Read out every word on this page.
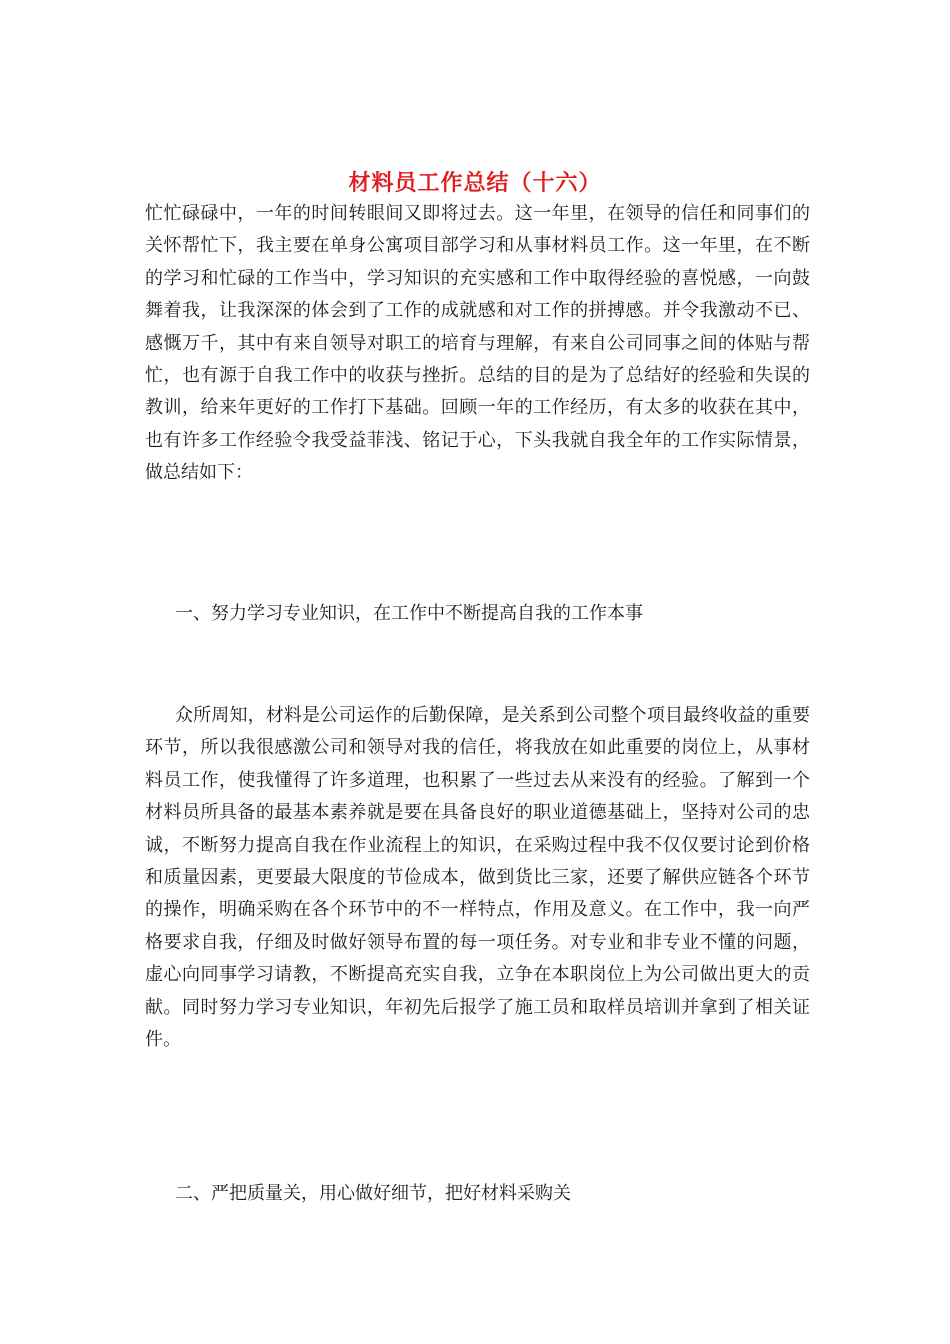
材料员工作总结（十六）

忙忙碌碌中，一年的时间转眼间又即将过去。这一年里，在领导的信任和同事们的关怀帮忙下，我主要在单身公寓项目部学习和从事材料员工作。这一年里，在不断的学习和忙碌的工作当中，学习知识的充实感和工作中取得经验的喜悦感，一向鼓舞着我，让我深深的体会到了工作的成就感和对工作的拼搏感。并令我激动不已、感慨万千，其中有来自领导对职工的培育与理解，有来自公司同事之间的体贴与帮忙，也有源于自我工作中的收获与挫折。总结的目的是为了总结好的经验和失误的教训，给来年更好的工作打下基础。回顾一年的工作经历，有太多的收获在其中，也有许多工作经验令我受益菲浅、铭记于心，下头我就自我全年的工作实际情景，做总结如下：

一、努力学习专业知识，在工作中不断提高自我的工作本事

众所周知，材料是公司运作的后勤保障，是关系到公司整个项目最终收益的重要环节，所以我很感激公司和领导对我的信任，将我放在如此重要的岗位上，从事材料员工作，使我懂得了许多道理，也积累了一些过去从来没有的经验。了解到一个材料员所具备的最基本素养就是要在具备良好的职业道德基础上，坚持对公司的忠诚，不断努力提高自我在作业流程上的知识，在采购过程中我不仅仅要讨论到价格和质量因素，更要最大限度的节俭成本，做到货比三家，还要了解供应链各个环节的操作，明确采购在各个环节中的不一样特点，作用及意义。在工作中，我一向严格要求自我，仔细及时做好领导布置的每一项任务。对专业和非专业不懂的问题，虚心向同事学习请教，不断提高充实自我，立争在本职岗位上为公司做出更大的贡献。同时努力学习专业知识，年初先后报学了施工员和取样员培训并拿到了相关证件。

二、严把质量关，用心做好细节，把好材料采购关
